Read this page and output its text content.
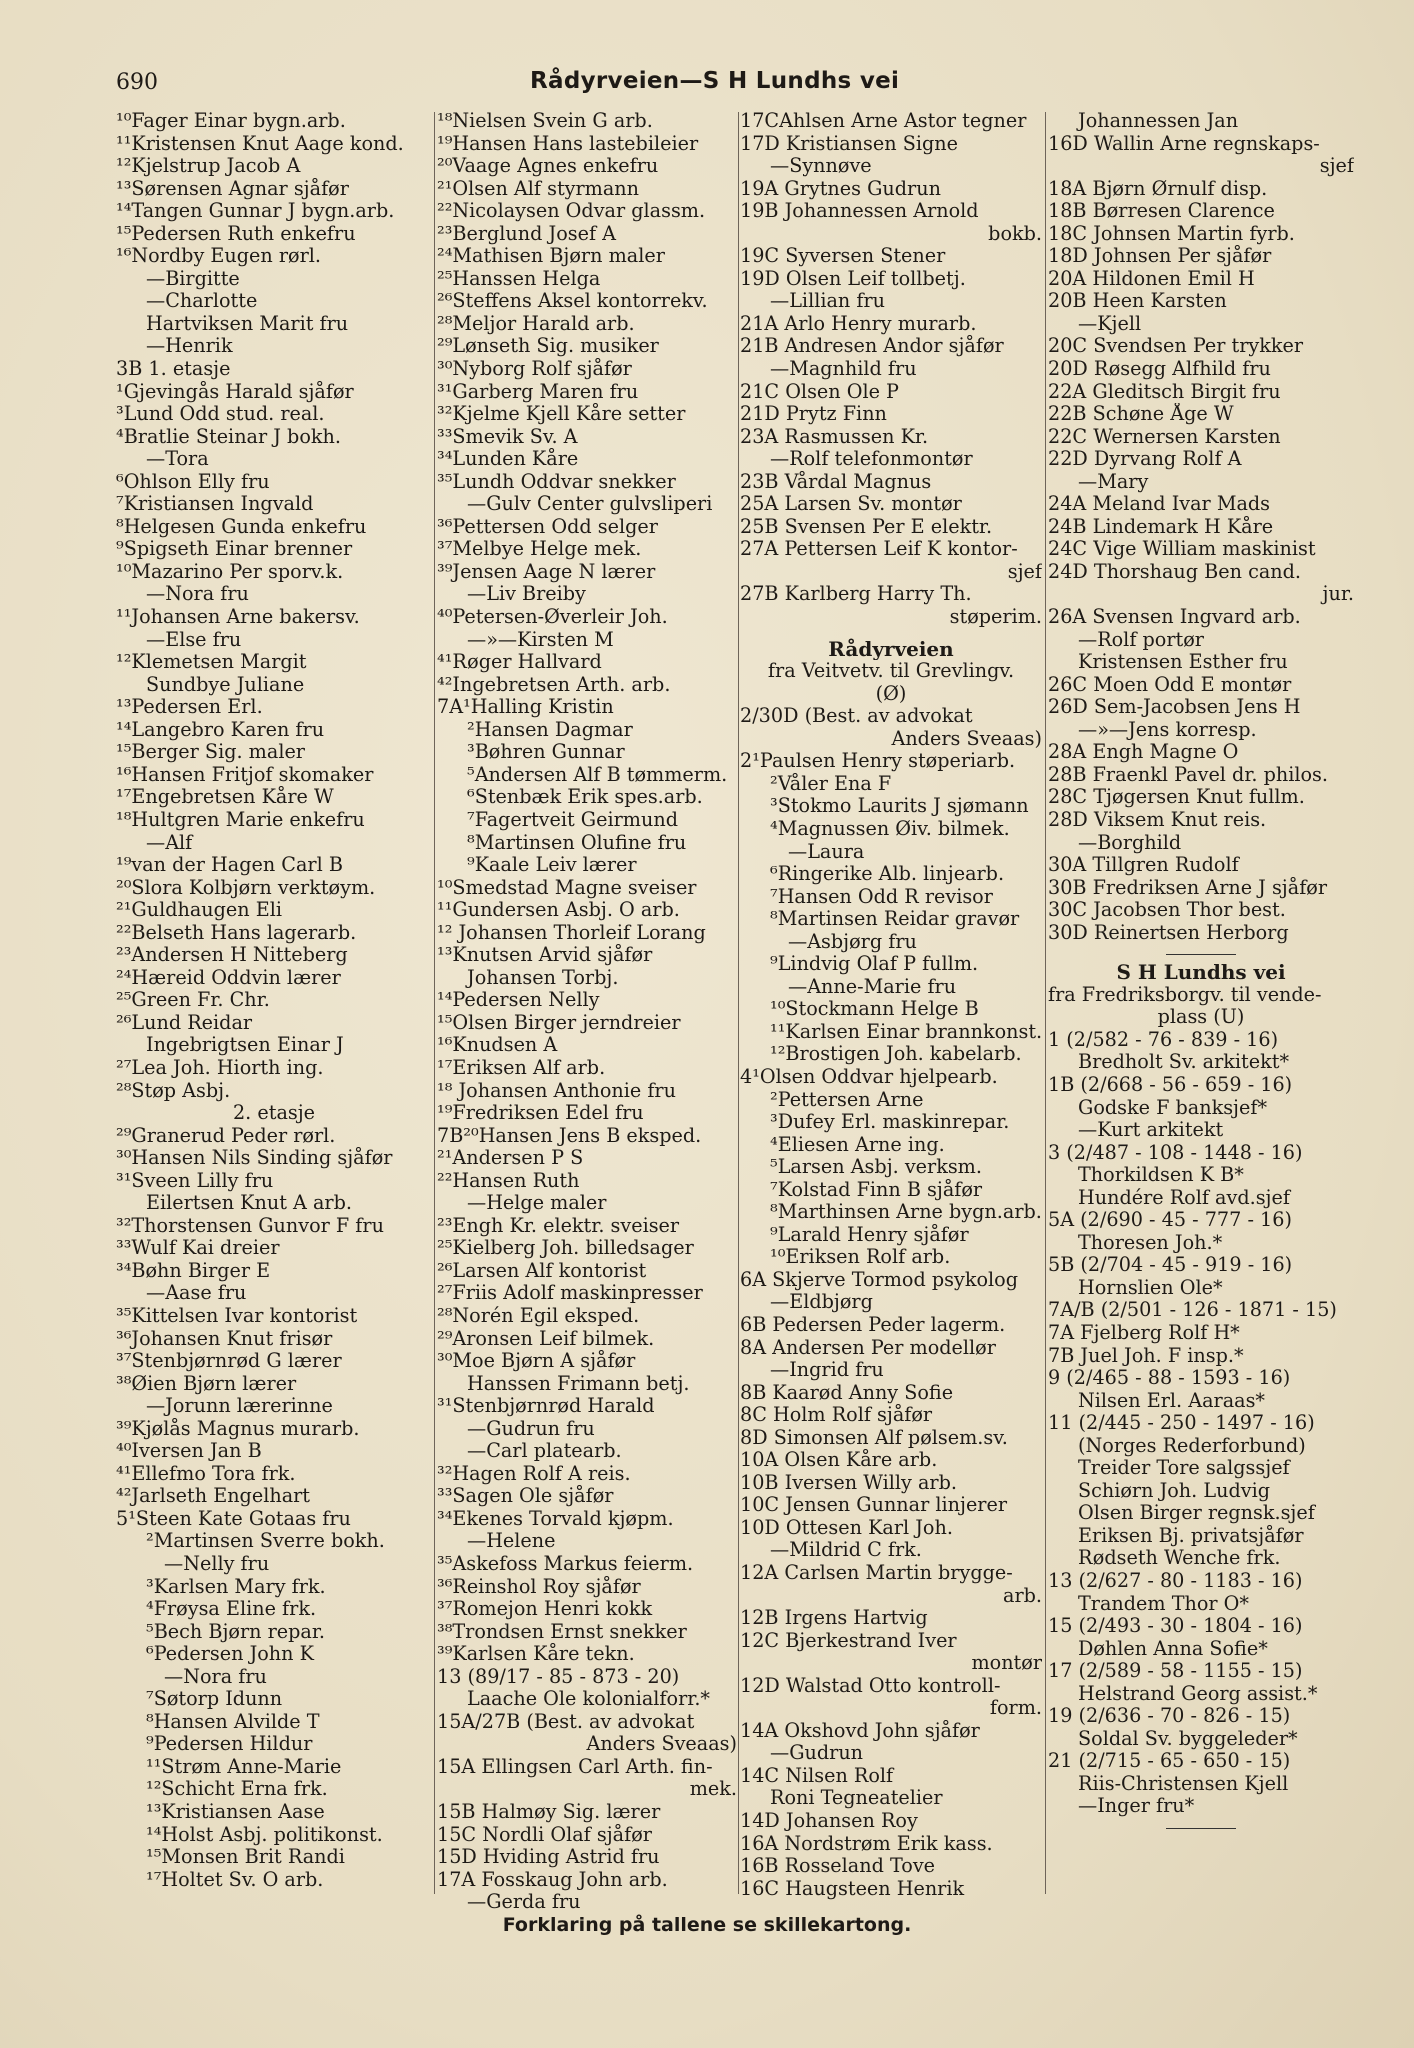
690	Rådyrveien—S H Lundhs vei
¹⁰Fager Einar bygn.arb.
¹¹Kristensen Knut Aage kond.
¹²Kjelstrup Jacob A
¹³Sørensen Agnar sjåfør
¹⁴Tangen Gunnar J bygn.arb.
¹⁵Pedersen Ruth enkefru
¹⁶Nordby Eugen rørl.
—Birgitte
—Charlotte
Hartviksen Marit fru
—Henrik
3B 1. etasje
¹Gjevingås Harald sjåfør
³Lund Odd stud. real.
⁴Bratlie Steinar J bokh.
—Tora
⁶Ohlson Elly fru
⁷Kristiansen Ingvald
⁸Helgesen Gunda enkefru
⁹Spigseth Einar brenner
¹⁰Mazarino Per sporv.k.
—Nora fru
¹¹Johansen Arne bakersv.
—Else fru
¹²Klemetsen Margit
Sundbye Juliane
¹³Pedersen Erl.
¹⁴Langebro Karen fru
¹⁵Berger Sig. maler
¹⁶Hansen Fritjof skomaker
¹⁷Engebretsen Kåre W
¹⁸Hultgren Marie enkefru
—Alf
¹⁹van der Hagen Carl B
²⁰Slora Kolbjørn verktøym.
²¹Guldhaugen Eli
²²Belseth Hans lagerarb.
²³Andersen H Nitteberg
²⁴Hæreid Oddvin lærer
²⁵Green Fr. Chr.
²⁶Lund Reidar
Ingebrigtsen Einar J
²⁷Lea Joh. Hiorth ing.
²⁸Støp Asbj.
2. etasje
²⁹Granerud Peder rørl.
³⁰Hansen Nils Sinding sjåfør
³¹Sveen Lilly fru
Eilertsen Knut A arb.
³²Thorstensen Gunvor F fru
³³Wulf Kai dreier
³⁴Bøhn Birger E
—Aase fru
³⁵Kittelsen Ivar kontorist
³⁶Johansen Knut frisør
³⁷Stenbjørnrød G lærer
³⁸Øien Bjørn lærer
—Jorunn lærerinne
³⁹Kjølås Magnus murarb.
⁴⁰Iversen Jan B
⁴¹Ellefmo Tora frk.
⁴²Jarlseth Engelhart
5¹Steen Kate Gotaas fru
²Martinsen Sverre bokh.
—Nelly fru
³Karlsen Mary frk.
⁴Frøysa Eline frk.
⁵Bech Bjørn repar.
⁶Pedersen John K
—Nora fru
⁷Søtorp Idunn
⁸Hansen Alvilde T
⁹Pedersen Hildur
¹¹Strøm Anne-Marie
¹²Schicht Erna frk.
¹³Kristiansen Aase
¹⁴Holst Asbj. politikonst.
¹⁵Monsen Brit Randi
¹⁷Holtet Sv. O arb.
¹⁸Nielsen Svein G arb.
¹⁹Hansen Hans lastebileier
²⁰Vaage Agnes enkefru
²¹Olsen Alf styrmann
²²Nicolaysen Odvar glassm.
²³Berglund Josef A
²⁴Mathisen Bjørn maler
²⁵Hanssen Helga
²⁶Steffens Aksel kontorrekv.
²⁸Meljor Harald arb.
²⁹Lønseth Sig. musiker
³⁰Nyborg Rolf sjåfør
³¹Garberg Maren fru
³²Kjelme Kjell Kåre setter
³³Smevik Sv. A
³⁴Lunden Kåre
³⁵Lundh Oddvar snekker
—Gulv Center gulvsliperi
³⁶Pettersen Odd selger
³⁷Melbye Helge mek.
³⁹Jensen Aage N lærer
—Liv Breiby
⁴⁰Petersen-Øverleir Joh.
—»—Kirsten M
⁴¹Røger Hallvard
⁴²Ingebretsen Arth. arb.
7A¹Halling Kristin
²Hansen Dagmar
³Bøhren Gunnar
⁵Andersen Alf B tømmerm.
⁶Stenbæk Erik spes.arb.
⁷Fagertveit Geirmund
⁸Martinsen Olufine fru
⁹Kaale Leiv lærer
¹⁰Smedstad Magne sveiser
¹¹Gundersen Asbj. O arb.
¹² Johansen Thorleif Lorang
¹³Knutsen Arvid sjåfør
Johansen Torbj.
¹⁴Pedersen Nelly
¹⁵Olsen Birger jerndreier
¹⁶Knudsen A
¹⁷Eriksen Alf arb.
¹⁸ Johansen Anthonie fru
¹⁹Fredriksen Edel fru
7B²⁰Hansen Jens B eksped.
²¹Andersen P S
²²Hansen Ruth
—Helge maler
²³Engh Kr. elektr. sveiser
²⁵Kielberg Joh. billedsager
²⁶Larsen Alf kontorist
²⁷Friis Adolf maskinpresser
²⁸Norén Egil eksped.
²⁹Aronsen Leif bilmek.
³⁰Moe Bjørn A sjåfør
Hanssen Frimann betj.
³¹Stenbjørnrød Harald
—Gudrun fru
—Carl platearb.
³²Hagen Rolf A reis.
³³Sagen Ole sjåfør
³⁴Ekenes Torvald kjøpm.
—Helene
³⁵Askefoss Markus feierm.
³⁶Reinshol Roy sjåfør
³⁷Romejon Henri kokk
³⁸Trondsen Ernst snekker
³⁹Karlsen Kåre tekn.
13 (89/17 - 85 - 873 - 20)
Laache Ole kolonialforr.*
15A/27B (Best. av advokat
Anders Sveaas)
15A Ellingsen Carl Arth. fin-
mek.
15B Halmøy Sig. lærer
15C Nordli Olaf sjåfør
15D Hviding Astrid fru
17A Fosskaug John arb.
—Gerda fru
17CAhlsen Arne Astor tegner
17D Kristiansen Signe
—Synnøve
19A Grytnes Gudrun
19B Johannessen Arnold
bokb.
19C Syversen Stener
19D Olsen Leif tollbetj.
—Lillian fru
21A Arlo Henry murarb.
21B Andresen Andor sjåfør
—Magnhild fru
21C Olsen Ole P
21D Prytz Finn
23A Rasmussen Kr.
—Rolf telefonmontør
23B Vårdal Magnus
25A Larsen Sv. montør
25B Svensen Per E elektr.
27A Pettersen Leif K kontor-
sjef
27B Karlberg Harry Th.
støperim.
Rådyrveien
fra Veitvetv. til Grevlingv.
(Ø)
2/30D (Best. av advokat
Anders Sveaas)
2¹Paulsen Henry støperiarb.
²Våler Ena F
³Stokmo Laurits J sjømann
⁴Magnussen Øiv. bilmek.
—Laura
⁶Ringerike Alb. linjearb.
⁷Hansen Odd R revisor
⁸Martinsen Reidar gravør
—Asbjørg fru
⁹Lindvig Olaf P fullm.
—Anne-Marie fru
¹⁰Stockmann Helge B
¹¹Karlsen Einar brannkonst.
¹²Brostigen Joh. kabelarb.
4¹Olsen Oddvar hjelpearb.
²Pettersen Arne
³Dufey Erl. maskinrepar.
⁴Eliesen Arne ing.
⁵Larsen Asbj. verksm.
⁷Kolstad Finn B sjåfør
⁸Marthinsen Arne bygn.arb.
⁹Larald Henry sjåfør
¹⁰Eriksen Rolf arb.
6A Skjerve Tormod psykolog
—Eldbjørg
6B Pedersen Peder lagerm.
8A Andersen Per modellør
—Ingrid fru
8B Kaarød Anny Sofie
8C Holm Rolf sjåfør
8D Simonsen Alf pølsem.sv.
10A Olsen Kåre arb.
10B Iversen Willy arb.
10C Jensen Gunnar linjerer
10D Ottesen Karl Joh.
—Mildrid C frk.
12A Carlsen Martin brygge-
arb.
12B Irgens Hartvig
12C Bjerkestrand Iver
montør
12D Walstad Otto kontroll-
form.
14A Okshovd John sjåfør
—Gudrun
14C Nilsen Rolf
Roni Tegneatelier
14D Johansen Roy
16A Nordstrøm Erik kass.
16B Rosseland Tove
16C Haugsteen Henrik
Johannessen Jan
16D Wallin Arne regnskaps-
sjef
18A Bjørn Ørnulf disp.
18B Børresen Clarence
18C Johnsen Martin fyrb.
18D Johnsen Per sjåfør
20A Hildonen Emil H
20B Heen Karsten
—Kjell
20C Svendsen Per trykker
20D Røsegg Alfhild fru
22A Gleditsch Birgit fru
22B Schøne Åge W
22C Wernersen Karsten
22D Dyrvang Rolf A
—Mary
24A Meland Ivar Mads
24B Lindemark H Kåre
24C Vige William maskinist
24D Thorshaug Ben cand.
jur.
26A Svensen Ingvard arb.
—Rolf portør
Kristensen Esther fru
26C Moen Odd E montør
26D Sem-Jacobsen Jens H
—»—Jens korresp.
28A Engh Magne O
28B Fraenkl Pavel dr. philos.
28C Tjøgersen Knut fullm.
28D Viksem Knut reis.
—Borghild
30A Tillgren Rudolf
30B Fredriksen Arne J sjåfør
30C Jacobsen Thor best.
30D Reinertsen Herborg
S H Lundhs vei
fra Fredriksborgv. til vende-
plass (U)
1 (2/582 - 76 - 839 - 16)
Bredholt Sv. arkitekt*
1B (2/668 - 56 - 659 - 16)
Godske F banksjef*
—Kurt arkitekt
3 (2/487 - 108 - 1448 - 16)
Thorkildsen K B*
Hundére Rolf avd.sjef
5A (2/690 - 45 - 777 - 16)
Thoresen Joh.*
5B (2/704 - 45 - 919 - 16)
Hornslien Ole*
7A/B (2/501 - 126 - 1871 - 15)
7A Fjelberg Rolf H*
7B Juel Joh. F insp.*
9 (2/465 - 88 - 1593 - 16)
Nilsen Erl. Aaraas*
11 (2/445 - 250 - 1497 - 16)
(Norges Rederforbund)
Treider Tore salgssjef
Schiørn Joh. Ludvig
Olsen Birger regnsk.sjef
Eriksen Bj. privatsjåfør
Rødseth Wenche frk.
13 (2/627 - 80 - 1183 - 16)
Trandem Thor O*
15 (2/493 - 30 - 1804 - 16)
Døhlen Anna Sofie*
17 (2/589 - 58 - 1155 - 15)
Helstrand Georg assist.*
19 (2/636 - 70 - 826 - 15)
Soldal Sv. byggeleder*
21 (2/715 - 65 - 650 - 15)
Riis-Christensen Kjell
—Inger fru*
Forklaring på tallene se skillekartong.
